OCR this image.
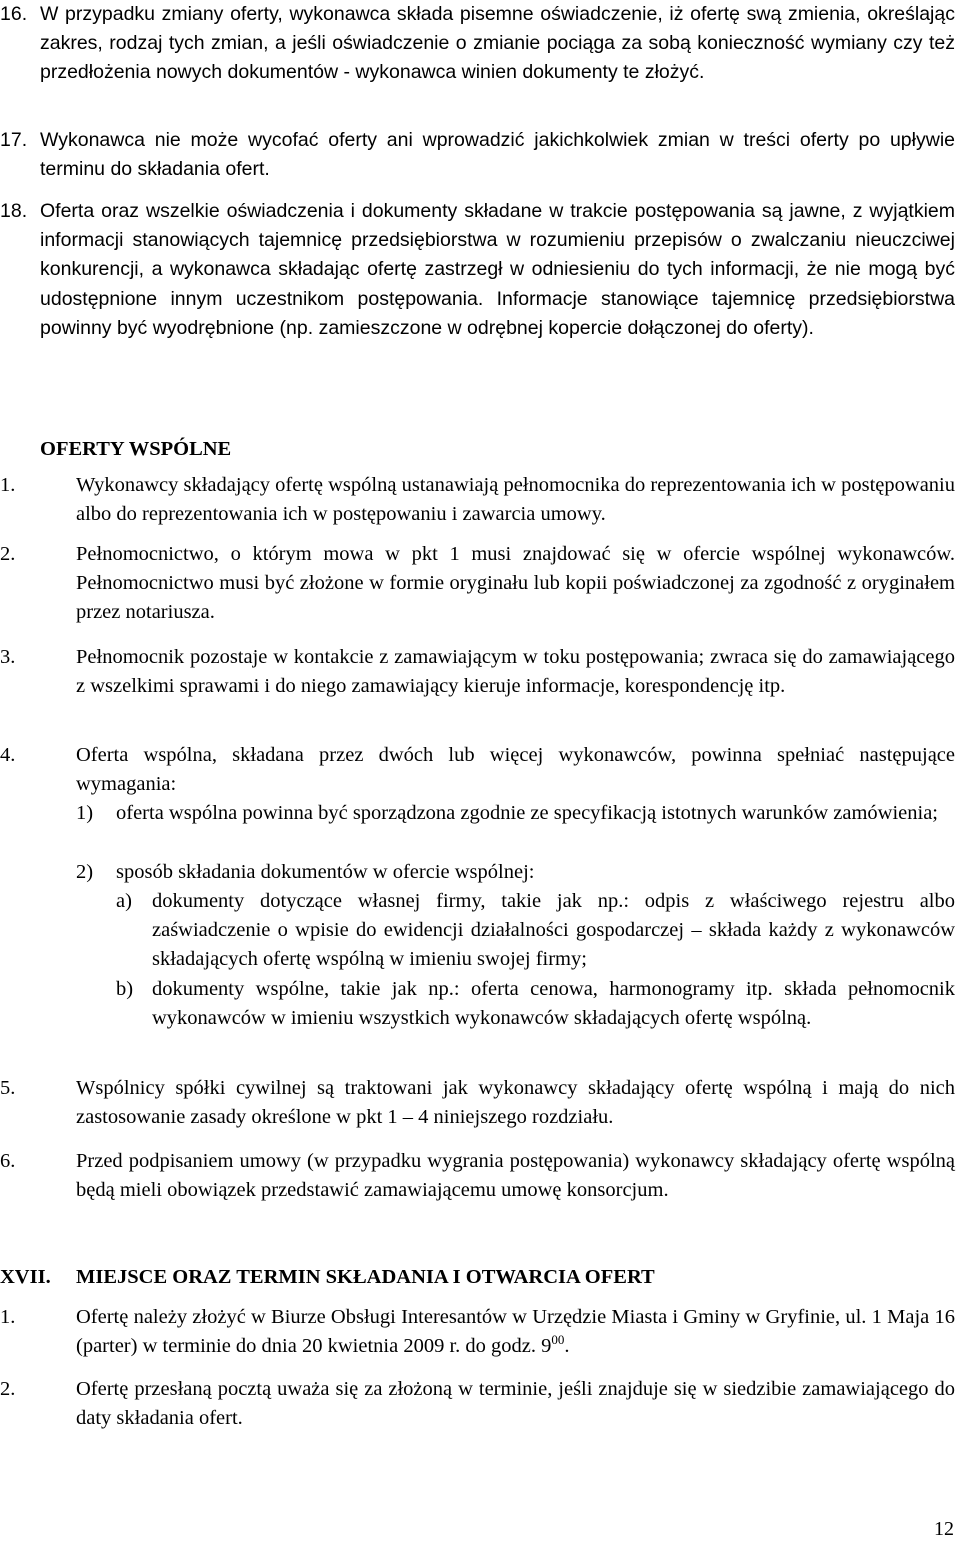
16. W przypadku zmiany oferty, wykonawca składa pisemne oświadczenie, iż ofertę swą zmienia, określając zakres, rodzaj tych zmian, a jeśli oświadczenie o zmianie pociąga za sobą konieczność wymiany czy też przedłożenia nowych dokumentów - wykonawca winien dokumenty te złożyć.
17. Wykonawca nie może wycofać oferty ani wprowadzić jakichkolwiek zmian w treści oferty po upływie terminu do składania ofert.
18. Oferta oraz wszelkie oświadczenia i dokumenty składane w trakcie postępowania są jawne, z wyjątkiem informacji stanowiących tajemnicę przedsiębiorstwa w rozumieniu przepisów o zwalczaniu nieuczciwej konkurencji, a wykonawca składając ofertę zastrzegł w odniesieniu do tych informacji, że nie mogą być udostępnione innym uczestnikom postępowania. Informacje stanowiące tajemnicę przedsiębiorstwa powinny być wyodrębnione (np. zamieszczone w odrębnej kopercie dołączonej do oferty).
OFERTY WSPÓLNE
1.	Wykonawcy składający ofertę wspólną ustanawiają pełnomocnika do reprezentowania ich w postępowaniu albo do reprezentowania ich w postępowaniu i zawarcia umowy.
2.	Pełnomocnictwo, o którym mowa w pkt 1 musi znajdować się w ofercie wspólnej wykonawców. Pełnomocnictwo musi być złożone w formie oryginału lub kopii poświadczonej za zgodność z oryginałem przez notariusza.
3.	Pełnomocnik pozostaje w kontakcie z zamawiającym w toku postępowania; zwraca się do zamawiającego z wszelkimi sprawami i do niego zamawiający kieruje informacje, korespondencję itp.
4.	Oferta wspólna, składana przez dwóch lub więcej wykonawców, powinna spełniać następujące wymagania:
1) oferta wspólna powinna być sporządzona zgodnie ze specyfikacją istotnych warunków zamówienia;
2) sposób składania dokumentów w ofercie wspólnej:
a) dokumenty dotyczące własnej firmy, takie jak np.: odpis z właściwego rejestru albo zaświadczenie o wpisie do ewidencji działalności gospodarczej – składa każdy z wykonawców składających ofertę wspólną w imieniu swojej firmy;
b) dokumenty wspólne, takie jak np.: oferta cenowa, harmonogramy itp. składa pełnomocnik wykonawców w imieniu wszystkich wykonawców składających ofertę wspólną.
5.	Wspólnicy spółki cywilnej są traktowani jak wykonawcy składający ofertę wspólną i mają do nich zastosowanie zasady określone w pkt 1 – 4 niniejszego rozdziału.
6.	Przed podpisaniem umowy (w przypadku wygrania postępowania) wykonawcy składający ofertę wspólną będą mieli obowiązek przedstawić zamawiającemu umowę konsorcjum.
XVII. MIEJSCE ORAZ TERMIN SKŁADANIA I OTWARCIA OFERT
1.	Ofertę należy złożyć w Biurze Obsługi Interesantów w Urzędzie Miasta i Gminy w Gryfinie, ul. 1 Maja 16 (parter) w terminie do dnia 20 kwietnia 2009 r. do godz. $9^{00}$.
2.	Ofertę przesłaną pocztą uważa się za złożoną w terminie, jeśli znajduje się w siedzibie zamawiającego do daty składania ofert.
12
